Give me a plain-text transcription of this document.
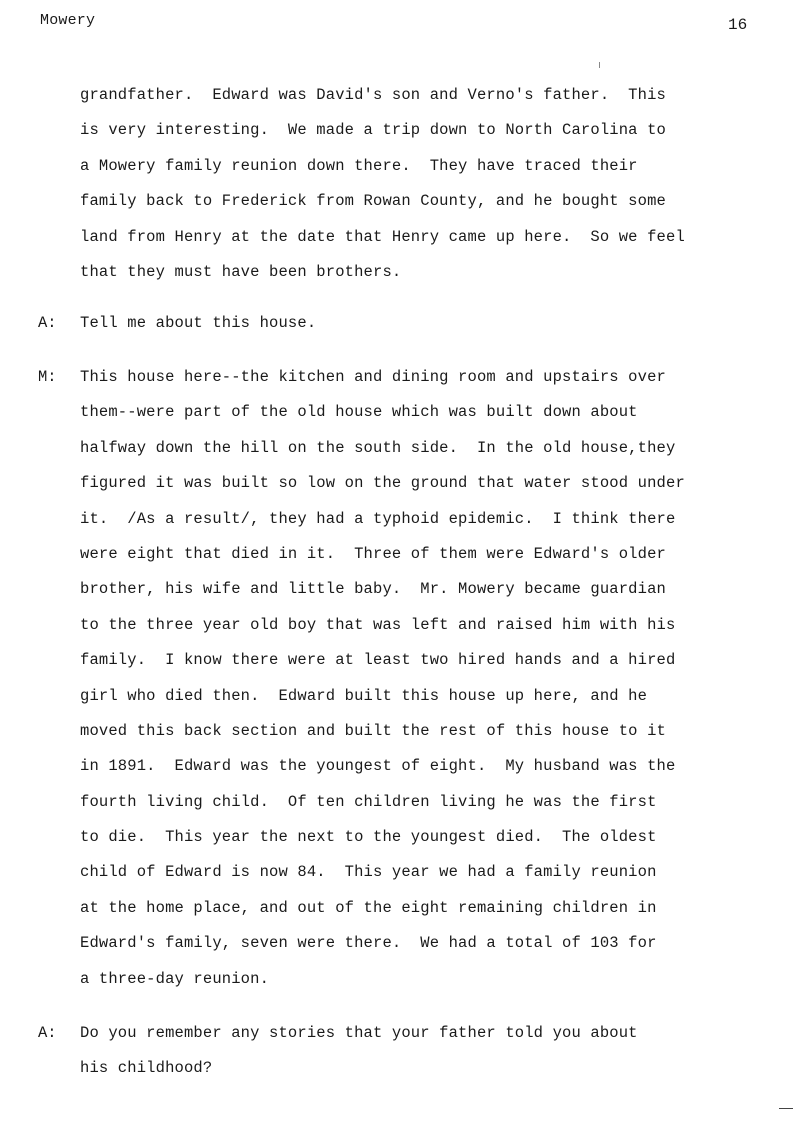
Mowery	16
grandfather.  Edward was David's son and Verno's father.  This
is very interesting.  We made a trip down to North Carolina to
a Mowery family reunion down there.  They have traced their
family back to Frederick from Rowan County, and he bought some
land from Henry at the date that Henry came up here.  So we feel
that they must have been brothers.
A: Tell me about this house.
M: This house here--the kitchen and dining room and upstairs over
them--were part of the old house which was built down about
halfway down the hill on the south side.  In the old house,they
figured it was built so low on the ground that water stood under
it.  /As a result/, they had a typhoid epidemic.  I think there
were eight that died in it.  Three of them were Edward's older
brother, his wife and little baby.  Mr. Mowery became guardian
to the three year old boy that was left and raised him with his
family.  I know there were at least two hired hands and a hired
girl who died then.  Edward built this house up here, and he
moved this back section and built the rest of this house to it
in 1891.  Edward was the youngest of eight.  My husband was the
fourth living child.  Of ten children living he was the first
to die.  This year the next to the youngest died.  The oldest
child of Edward is now 84.  This year we had a family reunion
at the home place, and out of the eight remaining children in
Edward's family, seven were there.  We had a total of 103 for
a three-day reunion.
A: Do you remember any stories that your father told you about
his childhood?
